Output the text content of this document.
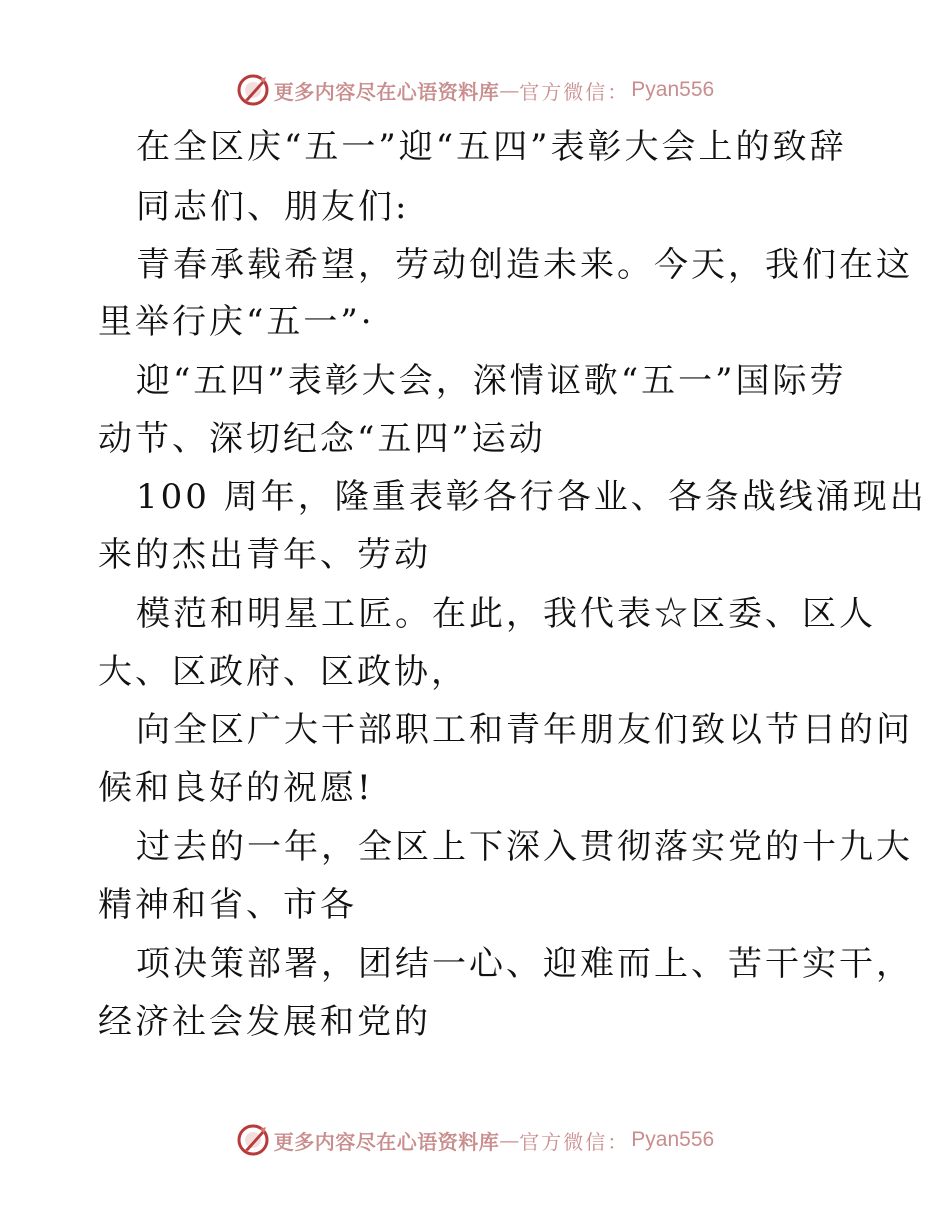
更多内容尽在心语资料库 — 官方微信 ： Pyan556
在全区庆“五一”迎“五四”表彰大会上的致辞
同志们、朋友们:
青春承载希望，劳动创造未来。今天，我们在这
里举行庆“五一”·
迎“五四”表彰大会，深情讴歌“五一”国际劳
动节、深切纪念“五四”运动
100 周年，隆重表彰各行各业、各条战线涌现出
来的杰出青年、劳动
模范和明星工匠。在此，我代表☆区委、区人
大、区政府、区政协，
向全区广大干部职工和青年朋友们致以节日的问
候和良好的祝愿!
过去的一年，全区上下深入贯彻落实党的十九大
精神和省、市各
项决策部署，团结一心、迎难而上、苦干实干，
经济社会发展和党的
更多内容尽在心语资料库 — 官方微信 ： Pyan556
